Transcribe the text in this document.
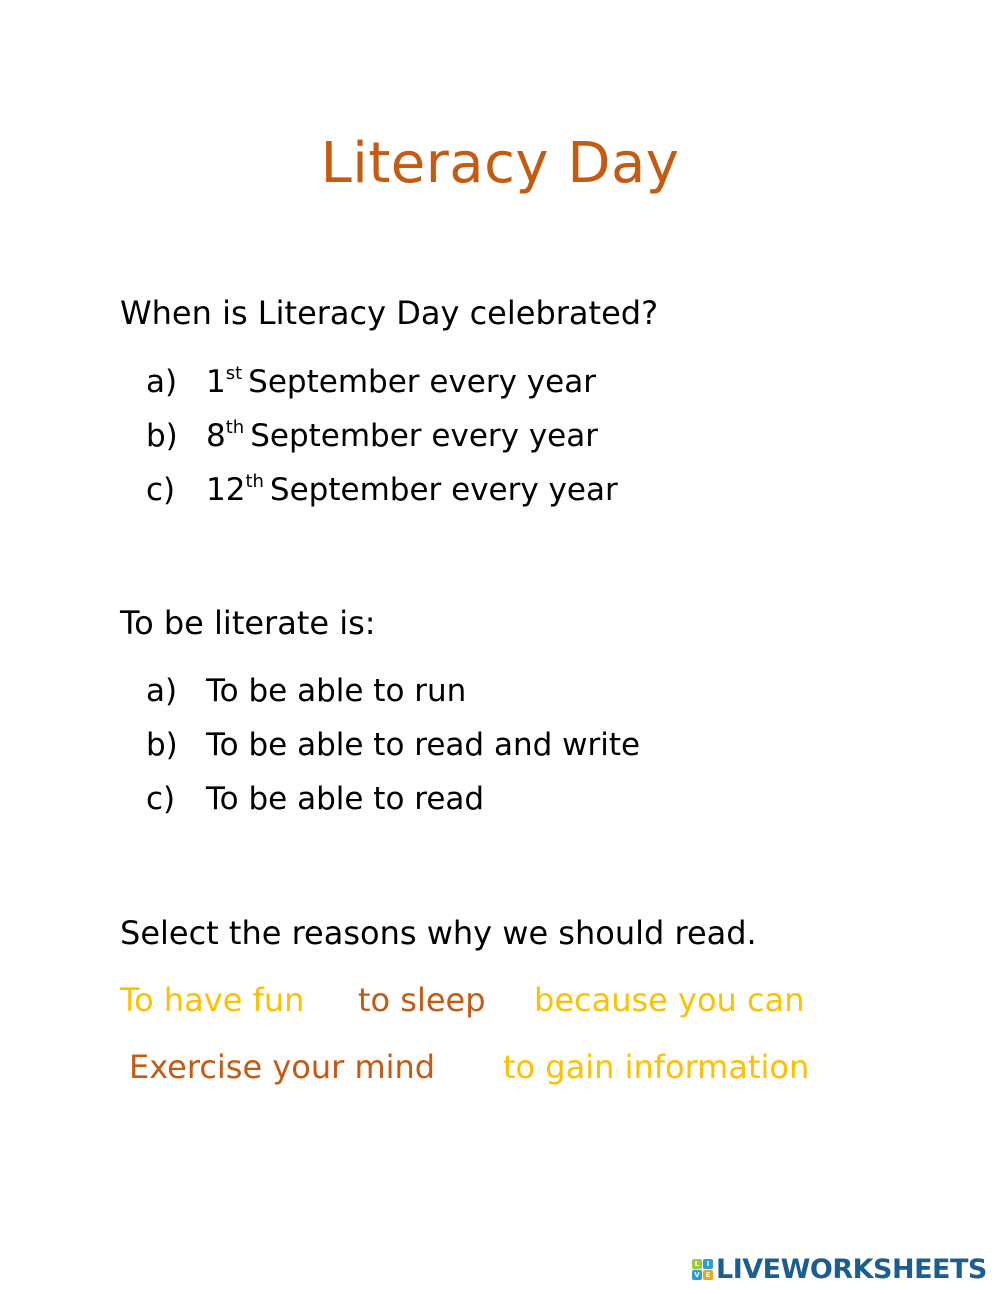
Literacy Day

When is Literacy Day celebrated?

a) 1st September every year
b) 8th September every year
c) 12th September every year

To be literate is:

a) To be able to run
b) To be able to read and write
c) To be able to read

Select the reasons why we should read.

To have fun to sleep because you can
Exercise your mind to gain information
L	I
V E LIVEWORKSHEETS
